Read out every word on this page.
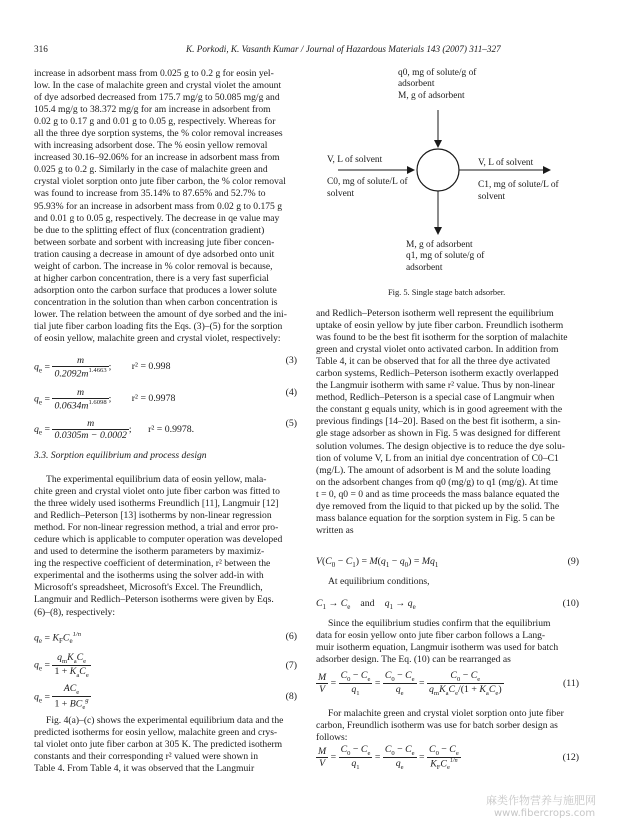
316	K. Porkodi, K. Vasanth Kumar / Journal of Hazardous Materials 143 (2007) 311–327
increase in adsorbent mass from 0.025 g to 0.2 g for eosin yel-
low. In the case of malachite green and crystal violet the amount
of dye adsorbed decreased from 175.7 mg/g to 50.085 mg/g and
105.4 mg/g to 38.372 mg/g for am increase in adsorbent from
0.02 g to 0.17 g and 0.01 g to 0.05 g, respectively. Whereas for
all the three dye sorption systems, the % color removal increases
with increasing adsorbent dose. The % eosin yellow removal
increased 30.16–92.06% for an increase in adsorbent mass from
0.025 g to 0.2 g. Similarly in the case of malachite green and
crystal violet sorption onto jute fiber carbon, the % color removal
was found to increase from 35.14% to 87.65% and 52.7% to
95.93% for an increase in adsorbent mass from 0.02 g to 0.175 g
and 0.01 g to 0.05 g, respectively. The decrease in qe value may
be due to the splitting effect of flux (concentration gradient)
between sorbate and sorbent with increasing jute fiber concen-
tration causing a decrease in amount of dye adsorbed onto unit
weight of carbon. The increase in % color removal is because,
at higher carbon concentration, there is a very fast superficial
adsorption onto the carbon surface that produces a lower solute
concentration in the solution than when carbon concentration is
lower. The relation between the amount of dye sorbed and the ini-
tial jute fiber carbon loading fits the Eqs. (3)–(5) for the sorption
of eosin yellow, malachite green and crystal violet, respectively:
$q_e = \frac{m}{0.2092m^{1.4663}}$ ; r² = 0.998
(3)
$q_e = \frac{m}{0.0634m^{1.6098}}$ ; r² = 0.9978
(4)
$q_e = \frac{m}{0.0305m - 0.0002}$ ; r² = 0.9978.
(5)
3.3. Sorption equilibrium and process design
The experimental equilibrium data of eosin yellow, mala-
chite green and crystal violet onto jute fiber carbon was fitted to
the three widely used isotherms Freundlich [11], Langmuir [12]
and Redlich–Peterson [13] isotherms by non-linear regression
method. For non-linear regression method, a trial and error pro-
cedure which is applicable to computer operation was developed
and used to determine the isotherm parameters by maximiz-
ing the respective coefficient of determination, r² between the
experimental and the isotherms using the solver add-in with
Microsoft's spreadsheet, Microsoft's Excel. The Freundlich,
Langmuir and Redlich–Peterson isotherms were given by Eqs.
(6)–(8), respectively:
$q_e = K_FC_e^{1/n}$	(6)
$q_e = \frac{q_mK_aC_e}{1 + K_aC_e}$	(7)
$q_e = \frac{AC_e}{1 + BC_e^g}$	(8)
Fig. 4(a)–(c) shows the experimental equilibrium data and the
predicted isotherms for eosin yellow, malachite green and crys-
tal violet onto jute fiber carbon at 305 K. The predicted isotherm
constants and their corresponding r² valued were shown in
Table 4. From Table 4, it was observed that the Langmuir
q0, mg of solute/g of
adsorbent
M, g of adsorbent
V, L of solvent
C0, mg of solute/L of
solvent
V, L of solvent
C1, mg of solute/L of
solvent
M, g of adsorbent
q1, mg of solute/g of
adsorbent
Fig. 5. Single stage batch adsorber.
and Redlich–Peterson isotherm well represent the equilibrium
uptake of eosin yellow by jute fiber carbon. Freundlich isotherm
was found to be the best fit isotherm for the sorption of malachite
green and crystal violet onto activated carbon. In addition from
Table 4, it can be observed that for all the three dye activated
carbon systems, Redlich–Peterson isotherm exactly overlapped
the Langmuir isotherm with same r² value. Thus by non-linear
method, Redlich–Peterson is a special case of Langmuir when
the constant g equals unity, which is in good agreement with the
previous findings [14–20]. Based on the best fit isotherm, a sin-
gle stage adsorber as shown in Fig. 5 was designed for different
solution volumes. The design objective is to reduce the dye solu-
tion of volume V, L from an initial dye concentration of C0–C1
(mg/L). The amount of adsorbent is M and the solute loading
on the adsorbent changes from q0 (mg/g) to q1 (mg/g). At time
t = 0, q0 = 0 and as time proceeds the mass balance equated the
dye removed from the liquid to that picked up by the solid. The
mass balance equation for the sorption system in Fig. 5 can be
written as
$V(C_0 - C_1) = M(q_1 - q_0) = Mq_1$	(9)
At equilibrium conditions,
$C_1 \to C_e$ and $q_1 \to q_e$	(10)
Since the equilibrium studies confirm that the equilibrium
data for eosin yellow onto jute fiber carbon follows a Lang-
muir isotherm equation, Langmuir isotherm was used for batch
adsorber design. The Eq. (10) can be rearranged as
$\frac{M}{V} = \frac{C_0 - C_e}{q_1} = \frac{C_0 - C_e}{q_e} = \frac{C_0 - C_e}{q_mK_aC_e/(1 + K_aC_e)}$	(11)
For malachite green and crystal violet sorption onto jute fiber
carbon, Freundlich isotherm was use for batch sorber design as
follows:
$\frac{M}{V} = \frac{C_0 - C_e}{q_1} = \frac{C_0 - C_e}{q_e} = \frac{C_0 - C_e}{K_FC_e^{1/n}}$	(12)
麻类作物营养与施肥网
www.fibercrops.com
